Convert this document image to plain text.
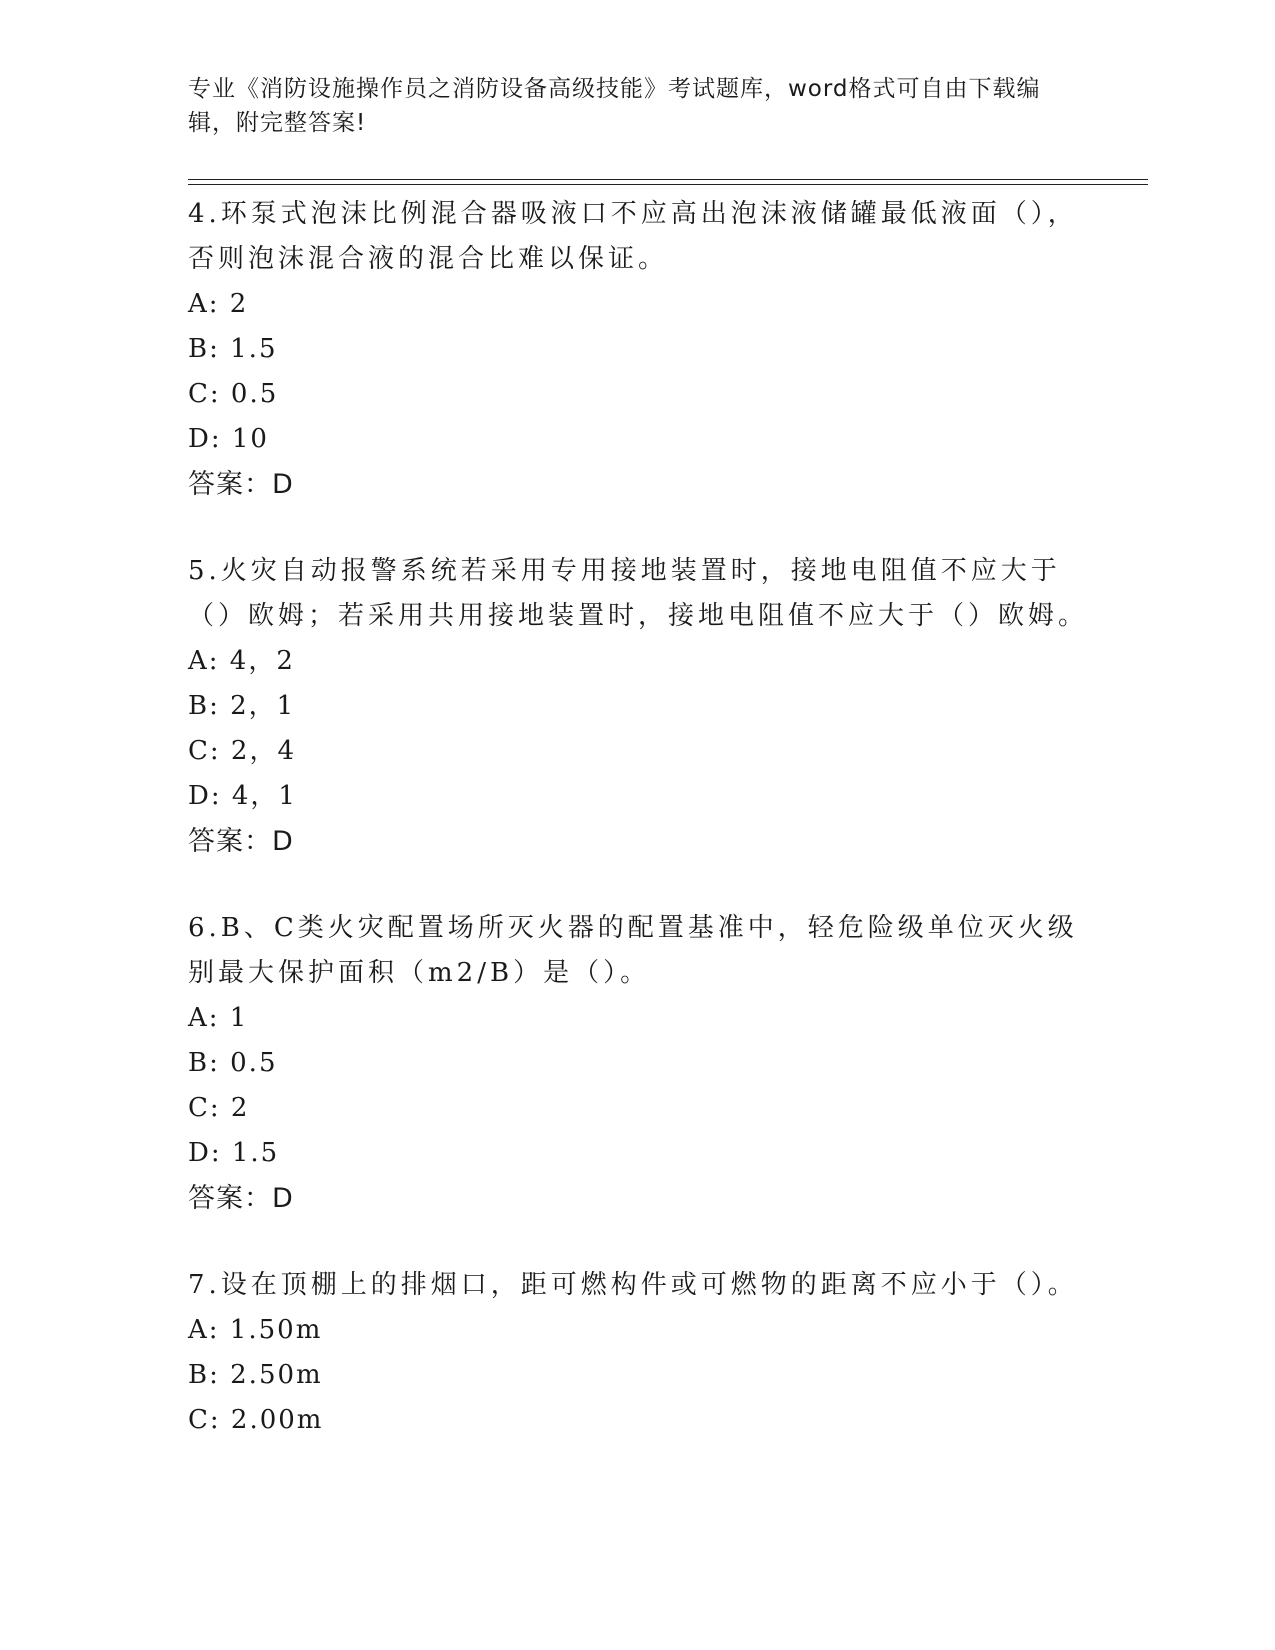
专业《消防设施操作员之消防设备高级技能》考试题库，word格式可自由下载编辑，附完整答案!

4.环泵式泡沫比例混合器吸液口不应高出泡沫液储罐最低液面（），否则泡沫混合液的混合比难以保证。

A: 2

B: 1.5

C: 0.5

D: 10

答案：D

5.火灾自动报警系统若采用专用接地装置时，接地电阻值不应大于（）欧姆；若采用共用接地装置时，接地电阻值不应大于（）欧姆。

A: 4，2

B: 2，1

C: 2，4

D: 4，1

答案：D

6.B、C类火灾配置场所灭火器的配置基准中，轻危险级单位灭火级别最大保护面积（m2/B）是（）。

A: 1

B: 0.5

C: 2

D: 1.5

答案：D

7.设在顶棚上的排烟口，距可燃构件或可燃物的距离不应小于（）。

A: 1.50m

B: 2.50m

C: 2.00m
